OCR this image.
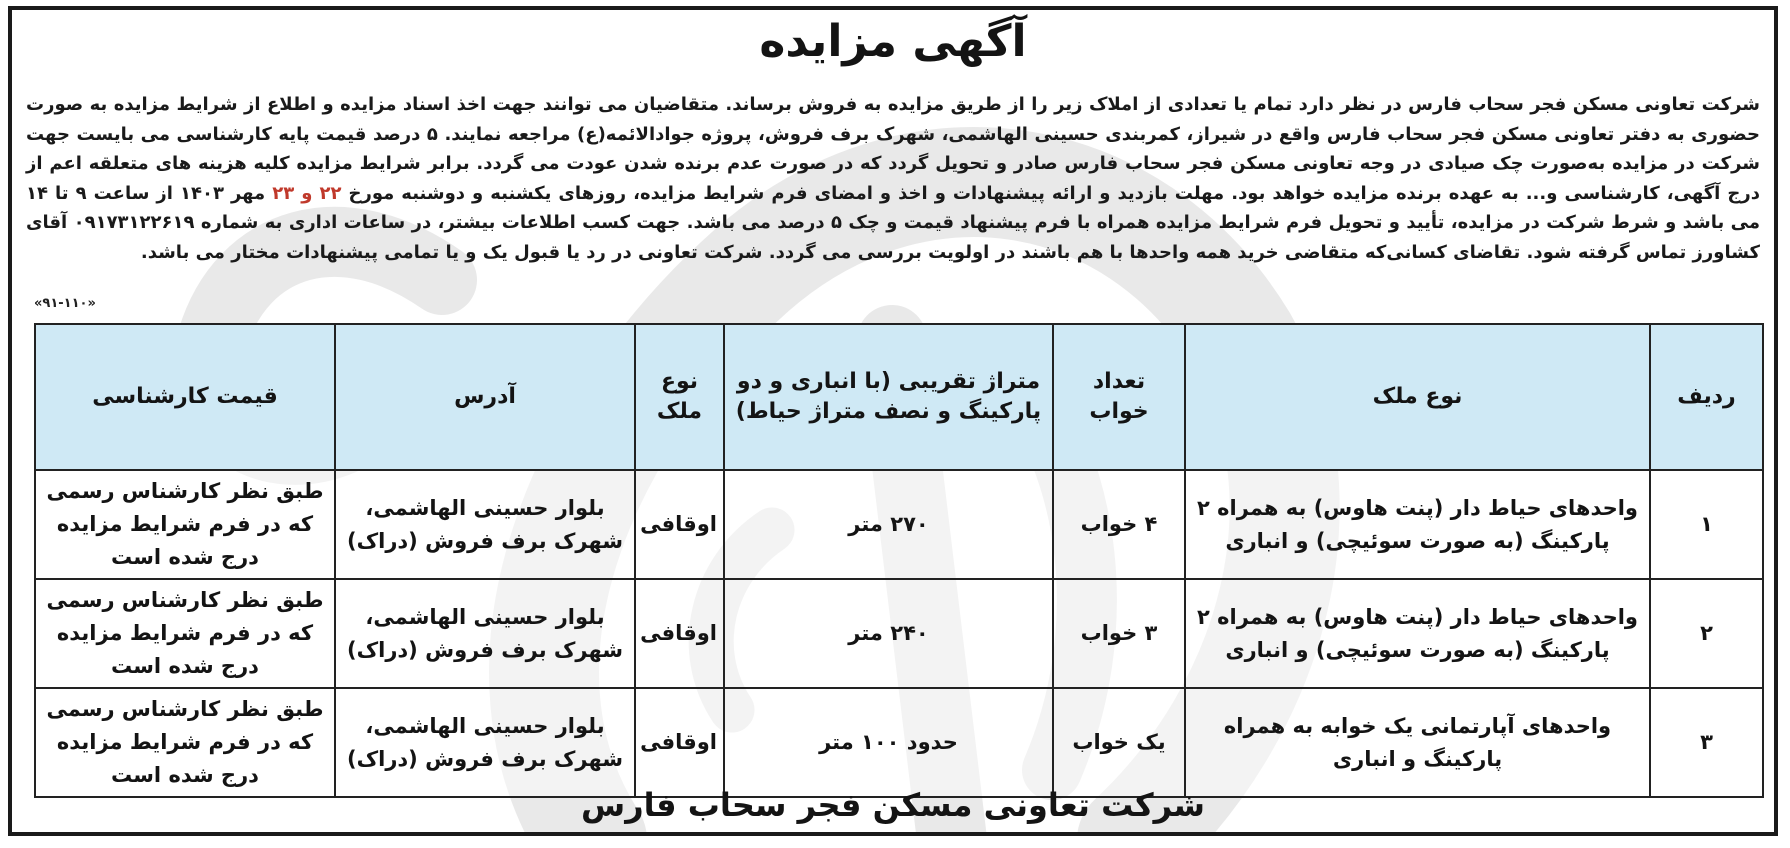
آگهی مزایده
شرکت تعاونی مسکن فجر سحاب فارس در نظر دارد تمام یا تعدادی از املاک زیر را از طریق مزایده به فروش برساند. متقاضیان می توانند جهت اخذ اسناد مزایده و اطلاع از شرایط مزایده به صورت حضوری به دفتر تعاونی مسکن فجر سحاب فارس واقع در شیراز، کمربندی حسینی الهاشمی، شهرک برف فروش، پروژه جوادالائمه(ع) مراجعه نمایند. ۵ درصد قیمت پایه کارشناسی می بایست جهت شرکت در مزایده به‌صورت چک صیادی در وجه تعاونی مسکن فجر سحاب فارس صادر و تحویل گردد که در صورت عدم برنده شدن عودت می گردد. برابر شرایط مزایده کلیه هزینه های متعلقه اعم از درج آگهی، کارشناسی و... به عهده برنده مزایده خواهد بود. مهلت بازدید و ارائه پیشنهادات و اخذ و امضای فرم شرایط مزایده، روزهای یکشنبه و دوشنبه مورخ ۲۲ و ۲۳ مهر ۱۴۰۳ از ساعت ۹ تا ۱۴ می باشد و شرط شرکت در مزایده، تأیید و تحویل فرم شرایط مزایده همراه با فرم پیشنهاد قیمت و چک ۵ درصد می باشد. جهت کسب اطلاعات بیشتر، در ساعات اداری به شماره ۰۹۱۷۳۱۲۲۶۱۹ آقای کشاورز تماس گرفته شود. تقاضای کسانی‌که متقاضی خرید همه واحدها با هم باشند در اولویت بررسی می گردد. شرکت تعاونی در رد یا قبول یک و یا تمامی پیشنهادات مختار می باشد.
«۹۱-۱۱۰»
ردیف	نوع ملک	تعداد خواب	متراژ تقریبی (با انباری و دو پارکینگ و نصف متراژ حیاط)	نوع ملک	آدرس	قیمت کارشناسی
۱	واحدهای حیاط دار (پنت هاوس) به همراه ۲ پارکینگ (به صورت سوئیچی) و انباری	۴ خواب	۲۷۰ متر	اوقافی	بلوار حسینی الهاشمی، شهرک برف فروش (دراک)	طبق نظر کارشناس رسمی که در فرم شرایط مزایده درج شده است
۲	واحدهای حیاط دار (پنت هاوس) به همراه ۲ پارکینگ (به صورت سوئیچی) و انباری	۳ خواب	۲۴۰ متر	اوقافی	بلوار حسینی الهاشمی، شهرک برف فروش (دراک)	طبق نظر کارشناس رسمی که در فرم شرایط مزایده درج شده است
۳	واحدهای آپارتمانی یک خوابه به همراه پارکینگ و انباری	یک خواب	حدود ۱۰۰ متر	اوقافی	بلوار حسینی الهاشمی، شهرک برف فروش (دراک)	طبق نظر کارشناس رسمی که در فرم شرایط مزایده درج شده است
شرکت تعاونی مسکن فجر سحاب فارس
